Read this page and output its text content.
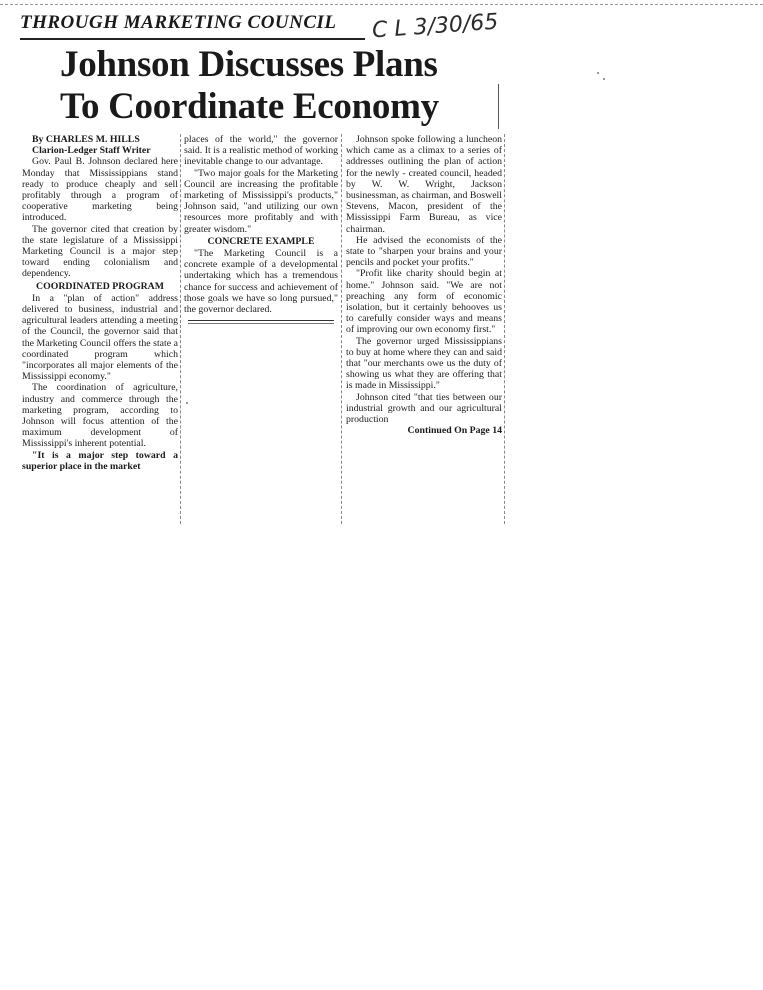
THROUGH MARKETING COUNCIL C L 3/30/65
Johnson Discusses Plans
To Coordinate Economy

By CHARLES M. HILLS

Clarion-Ledger Staff Writer

Gov. Paul B. Johnson declared here Monday that Mississippians stand ready to produce cheaply and sell profitably through a program of cooperative marketing being introduced.

The governor cited that creation by the state legislature of a Mississippi Marketing Council is a major step toward ending colonialism and dependency.

COORDINATED PROGRAM

In a "plan of action" address delivered to business, industrial and agricultural leaders attending a meeting of the Council, the governor said that the Marketing Council offers the state a coordinated program which "incorporates all major elements of the Mississippi economy."

The coordination of agriculture, industry and commerce through the marketing program, according to Johnson will focus attention of the maximum development of Mississippi's inherent potential.

"It is a major step toward a superior place in the market

places of the world," the governor said. It is a realistic method of working inevitable change to our advantage.

"Two major goals for the Marketing Council are increasing the profitable marketing of Mississippi's products," Johnson said, "and utilizing our own resources more profitably and with greater wisdom."

CONCRETE EXAMPLE

"The Marketing Council is a concrete example of a developmental undertaking which has a tremendous chance for success and achievement of those goals we have so long pursued," the governor declared.

Johnson spoke following a luncheon which came as a climax to a series of addresses outlining the plan of action for the newly - created council, headed by W. W. Wright, Jackson businessman, as chairman, and Boswell Stevens, Macon, president of the Mississippi Farm Bureau, as vice chairman.

He advised the economists of the state to "sharpen your brains and your pencils and pocket your profits."

"Profit like charity should begin at home." Johnson said. "We are not preaching any form of economic isolation, but it certainly behooves us to carefully consider ways and means of improving our own economy first."

The governor urged Mississippians to buy at home where they can and said that "our merchants owe us the duty of showing us what they are offering that is made in Mississippi."

Johnson cited "that ties between our industrial growth and our agricultural production

Continued On Page 14
